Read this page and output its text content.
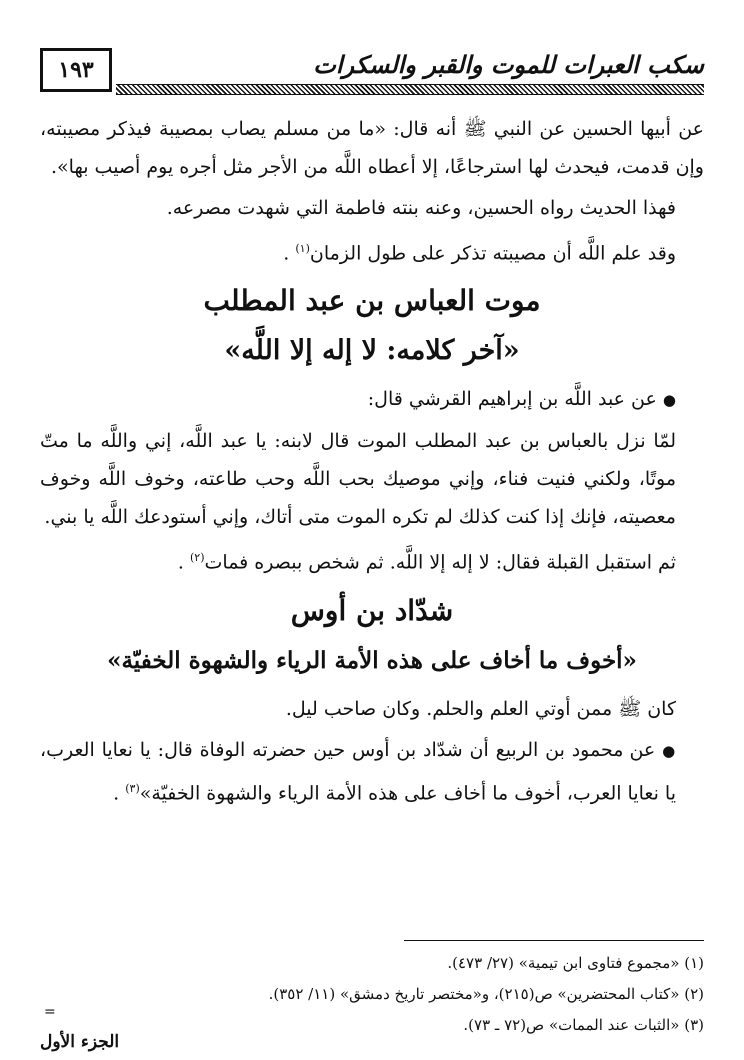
١٩٣	سكب العبرات للموت والقبر والسكرات

عن أبيها الحسين عن النبي ﷺ أنه قال: «ما من مسلم يصاب بمصيبة فيذكر مصيبته، وإن قدمت، فيحدث لها استرجاعًا، إلا أعطاه اللَّه من الأجر مثل أجره يوم أصيب بها».

فهذا الحديث رواه الحسين، وعنه بنته فاطمة التي شهدت مصرعه.

وقد علم اللَّه أن مصيبته تذكر على طول الزمان$^{(١)}$ .

موت العباس بن عبد المطلب
«آخر كلامه: لا إله إلا اللَّه»

● عن عبد اللَّه بن إبراهيم القرشي قال:

لمّا نزل بالعباس بن عبد المطلب الموت قال لابنه: يا عبد اللَّه، إني واللَّه ما متّ موتًا، ولكني فنيت فناء، وإني موصيك بحب اللَّه وحب طاعته، وخوف اللَّه وخوف معصيته، فإنك إذا كنت كذلك لم تكره الموت متى أتاك، وإني أستودعك اللَّه يا بني.

ثم استقبل القبلة فقال: لا إله إلا اللَّه. ثم شخص ببصره فمات$^{(٢)}$ .

شدّاد بن أوس
«أخوف ما أخاف على هذه الأمة الرياء والشهوة الخفيّة»

كان ﷺ ممن أوتي العلم والحلم. وكان صاحب ليل.

● عن محمود بن الربيع أن شدّاد بن أوس حين حضرته الوفاة قال: يا نعايا العرب، يا نعايا العرب، أخوف ما أخاف على هذه الأمة الرياء والشهوة الخفيّة»$^{(٣)}$ .

(١) «مجموع فتاوى ابن تيمية» (٢٧/ ٤٧٣).
(٢) «كتاب المحتضرين» ص(٢١٥)، و«مختصر تاريخ دمشق» (١١/ ٣٥٢).
(٣) «الثبات عند الممات» ص(٧٢ ـ ٧٣).
=
الجزء الأول
